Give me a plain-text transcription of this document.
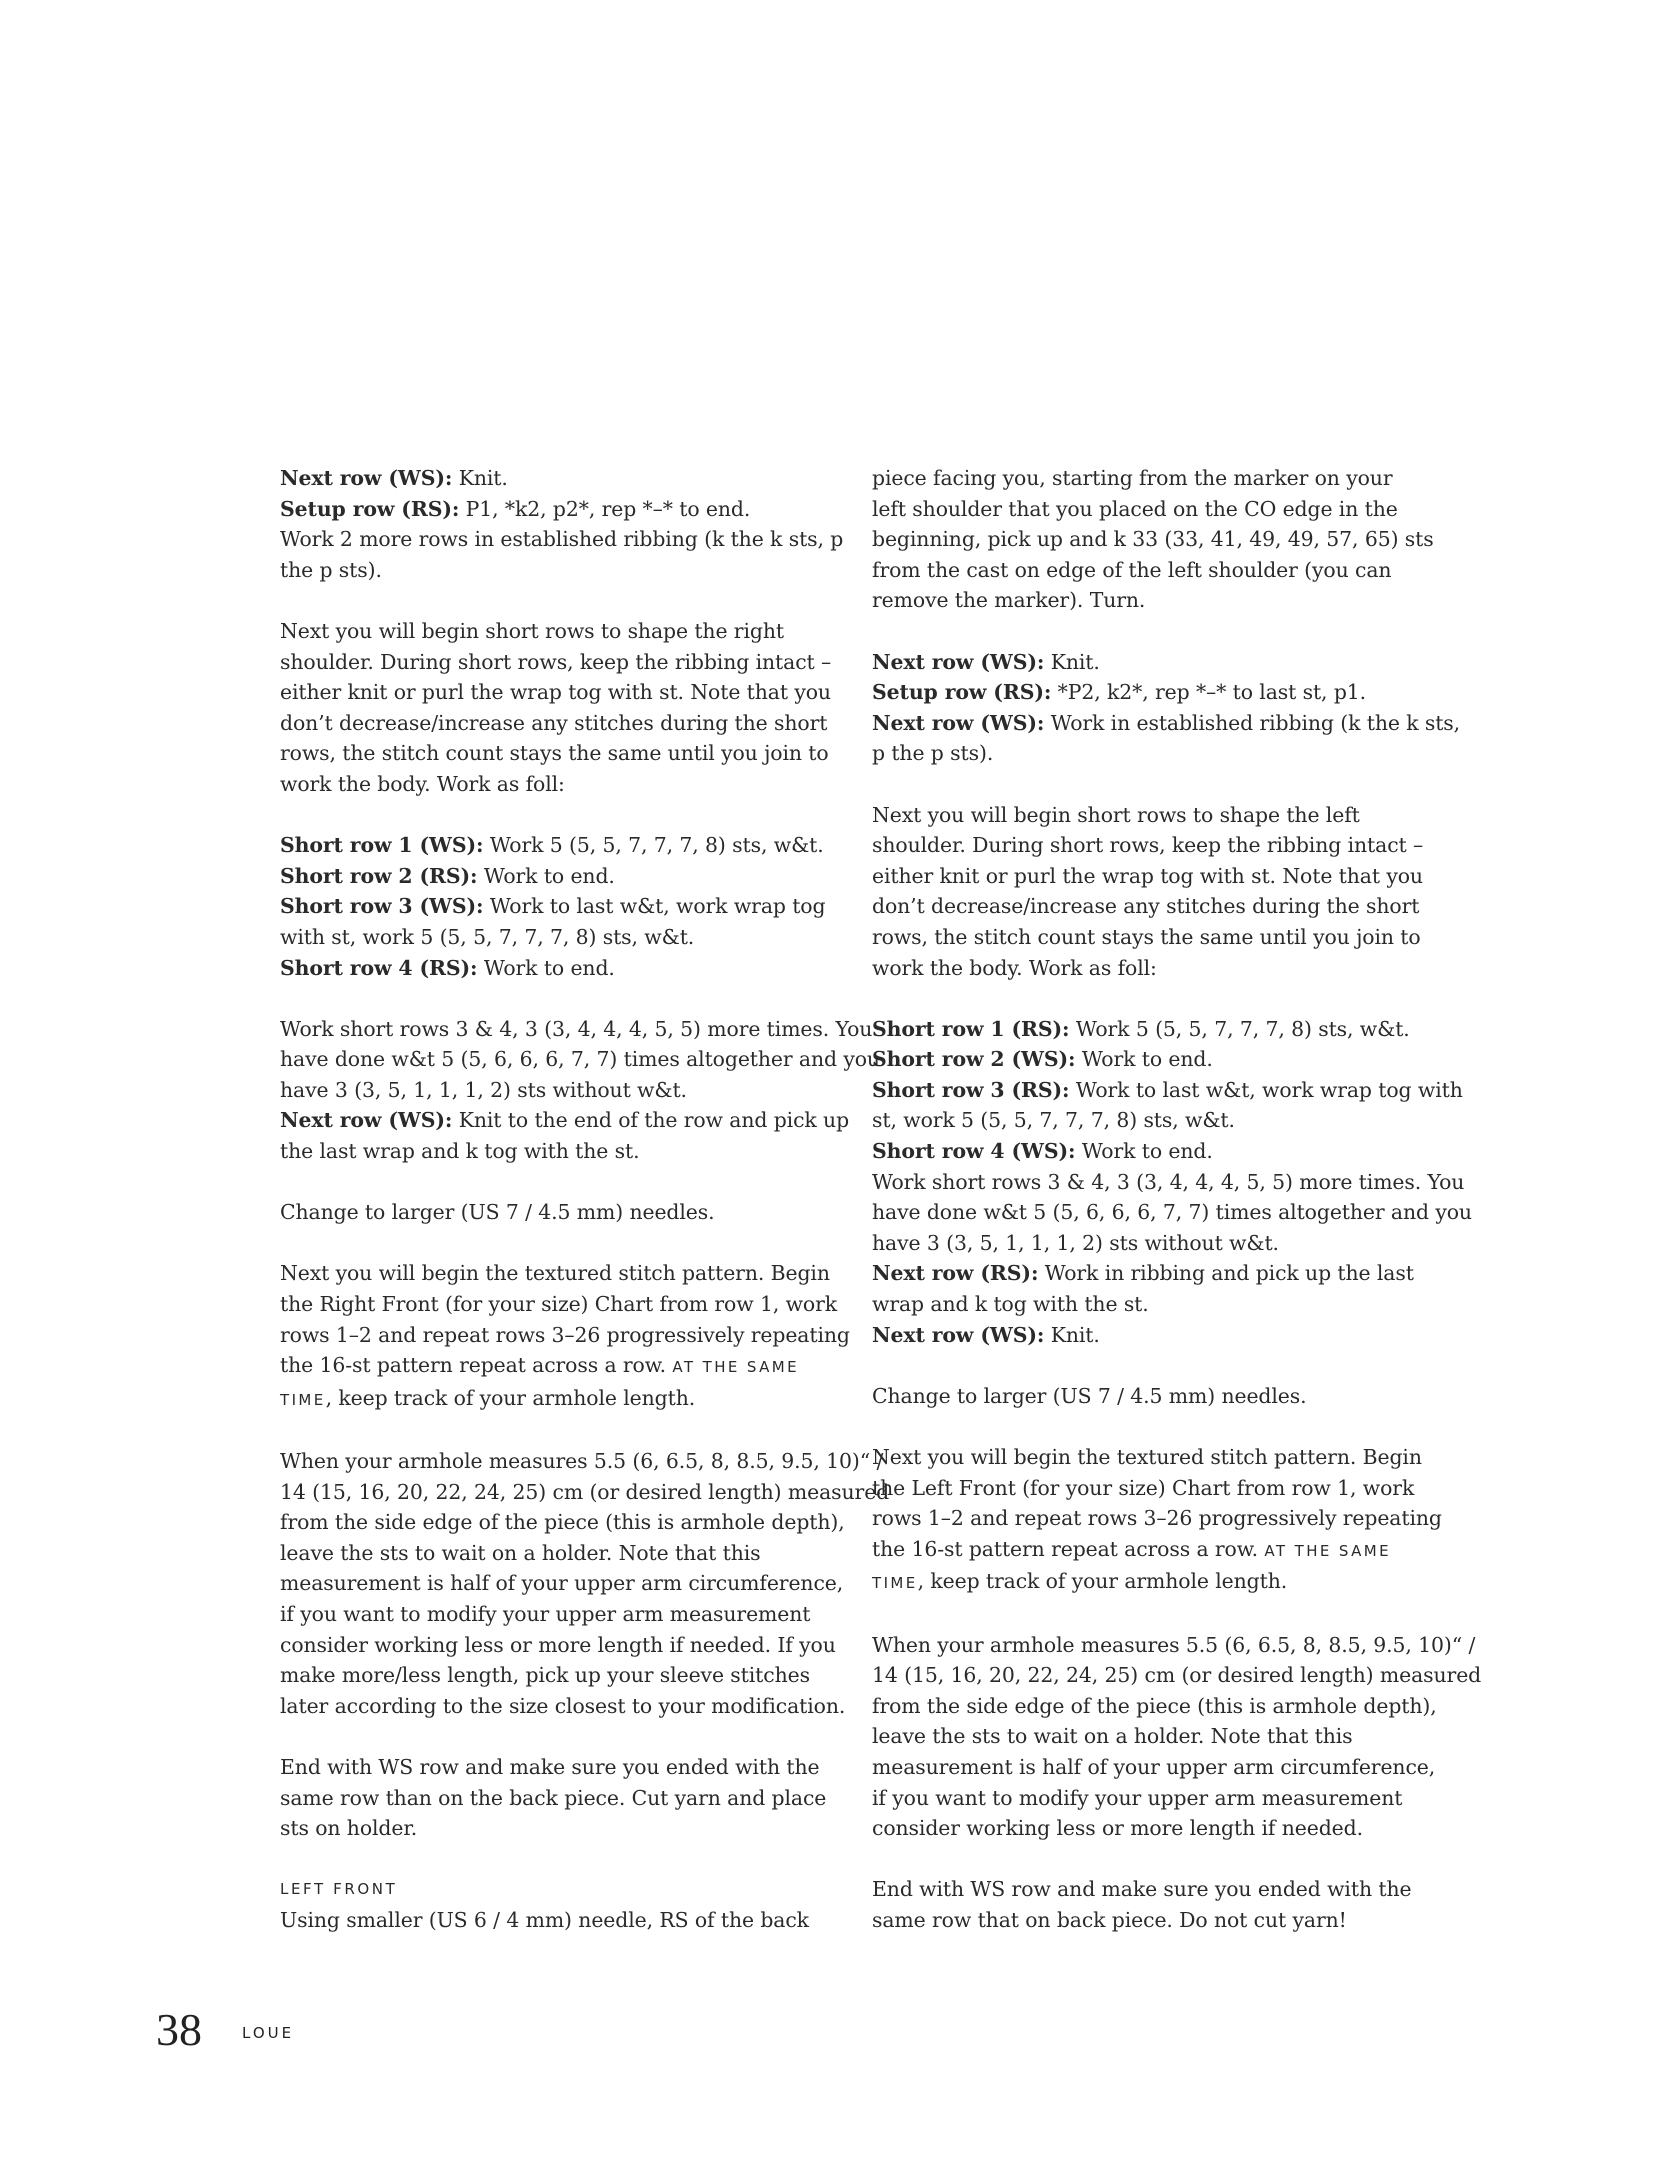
Next row (WS): Knit.
Setup row (RS): P1, *k2, p2*, rep *–* to end.
Work 2 more rows in established ribbing (k the k sts, p
the p sts).
Next you will begin short rows to shape the right
shoulder. During short rows, keep the ribbing intact –
either knit or purl the wrap tog with st. Note that you
don’t decrease/increase any stitches during the short
rows, the stitch count stays the same until you join to
work the body. Work as foll:
Short row 1 (WS): Work 5 (5, 5, 7, 7, 7, 8) sts, w&t.
Short row 2 (RS): Work to end.
Short row 3 (WS): Work to last w&t, work wrap tog
with st, work 5 (5, 5, 7, 7, 7, 8) sts, w&t.
Short row 4 (RS): Work to end.
Work short rows 3 & 4, 3 (3, 4, 4, 4, 5, 5) more times. You
have done w&t 5 (5, 6, 6, 6, 7, 7) times altogether and you
have 3 (3, 5, 1, 1, 1, 2) sts without w&t.
Next row (WS): Knit to the end of the row and pick up
the last wrap and k tog with the st.
Change to larger (US 7 / 4.5 mm) needles.
Next you will begin the textured stitch pattern. Begin
the Right Front (for your size) Chart from row 1, work
rows 1–2 and repeat rows 3–26 progressively repeating
the 16-st pattern repeat across a row. AT THE SAME
TIME, keep track of your armhole length.
When your armhole measures 5.5 (6, 6.5, 8, 8.5, 9.5, 10)“ /
14 (15, 16, 20, 22, 24, 25) cm (or desired length) measured
from the side edge of the piece (this is armhole depth),
leave the sts to wait on a holder. Note that this
measurement is half of your upper arm circumference,
if you want to modify your upper arm measurement
consider working less or more length if needed. If you
make more/less length, pick up your sleeve stitches
later according to the size closest to your modification.
End with WS row and make sure you ended with the
same row than on the back piece. Cut yarn and place
sts on holder.
LEFT FRONT
Using smaller (US 6 / 4 mm) needle, RS of the back
piece facing you, starting from the marker on your
left shoulder that you placed on the CO edge in the
beginning, pick up and k 33 (33, 41, 49, 49, 57, 65) sts
from the cast on edge of the left shoulder (you can
remove the marker). Turn.
Next row (WS): Knit.
Setup row (RS): *P2, k2*, rep *–* to last st, p1.
Next row (WS): Work in established ribbing (k the k sts,
p the p sts).
Next you will begin short rows to shape the left
shoulder. During short rows, keep the ribbing intact –
either knit or purl the wrap tog with st. Note that you
don’t decrease/increase any stitches during the short
rows, the stitch count stays the same until you join to
work the body. Work as foll:
Short row 1 (RS): Work 5 (5, 5, 7, 7, 7, 8) sts, w&t.
Short row 2 (WS): Work to end.
Short row 3 (RS): Work to last w&t, work wrap tog with
st, work 5 (5, 5, 7, 7, 7, 8) sts, w&t.
Short row 4 (WS): Work to end.
Work short rows 3 & 4, 3 (3, 4, 4, 4, 5, 5) more times. You
have done w&t 5 (5, 6, 6, 6, 7, 7) times altogether and you
have 3 (3, 5, 1, 1, 1, 2) sts without w&t.
Next row (RS): Work in ribbing and pick up the last
wrap and k tog with the st.
Next row (WS): Knit.
Change to larger (US 7 / 4.5 mm) needles.
Next you will begin the textured stitch pattern. Begin
the Left Front (for your size) Chart from row 1, work
rows 1–2 and repeat rows 3–26 progressively repeating
the 16-st pattern repeat across a row. AT THE SAME
TIME, keep track of your armhole length.
When your armhole measures 5.5 (6, 6.5, 8, 8.5, 9.5, 10)“ /
14 (15, 16, 20, 22, 24, 25) cm (or desired length) measured
from the side edge of the piece (this is armhole depth),
leave the sts to wait on a holder. Note that this
measurement is half of your upper arm circumference,
if you want to modify your upper arm measurement
consider working less or more length if needed.
End with WS row and make sure you ended with the
same row that on back piece. Do not cut yarn!
38	LOUE
